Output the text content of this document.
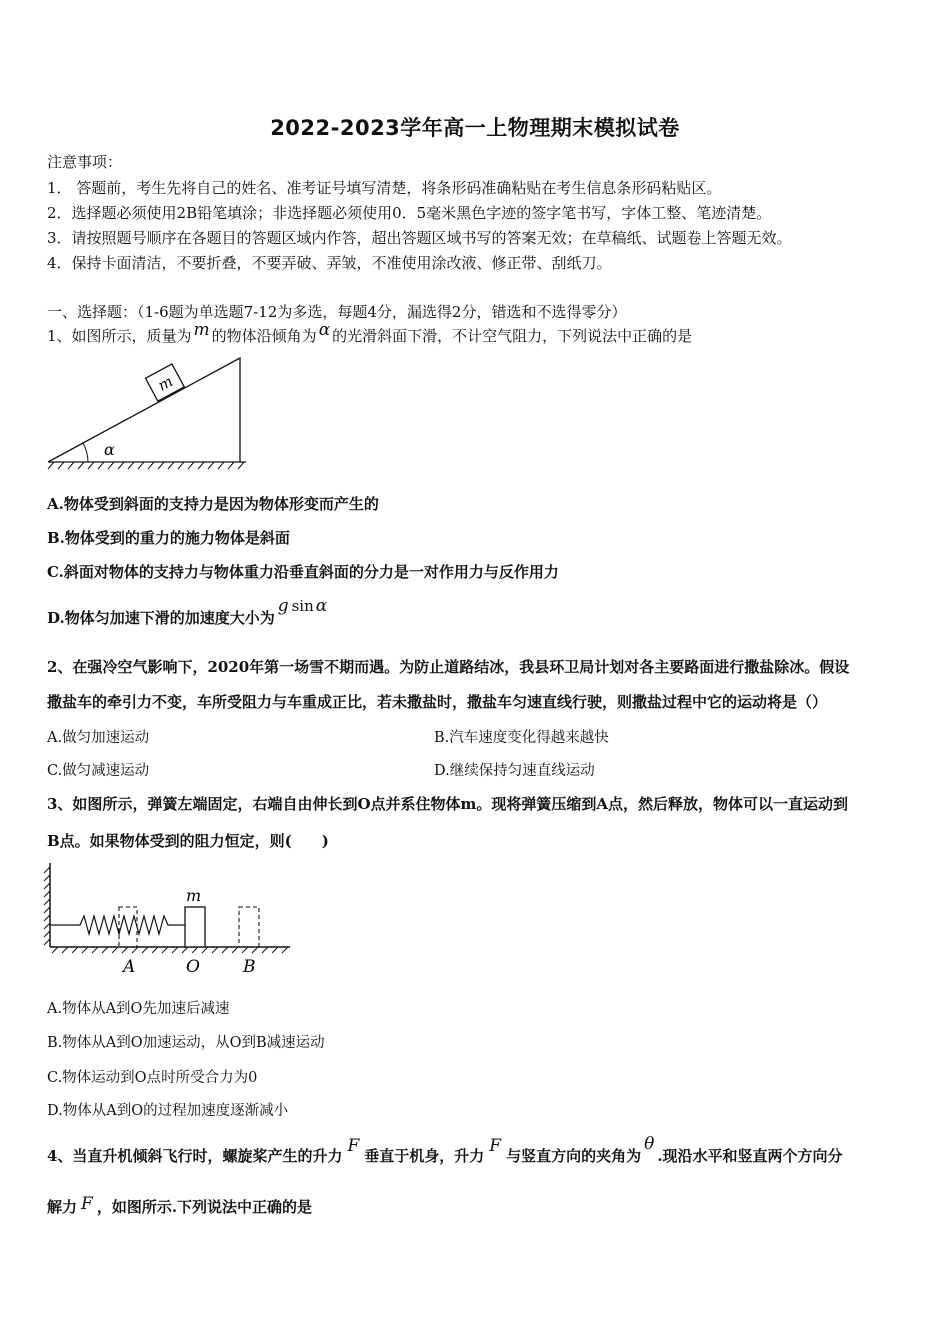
2022-2023学年高一上物理期末模拟试卷
注意事项：
1． 答题前，考生先将自己的姓名、准考证号填写清楚，将条形码准确粘贴在考生信息条形码粘贴区。
2．选择题必须使用2B铅笔填涂；非选择题必须使用0．5毫米黑色字迹的签字笔书写，字体工整、笔迹清楚。
3．请按照题号顺序在各题目的答题区域内作答，超出答题区域书写的答案无效；在草稿纸、试题卷上答题无效。
4．保持卡面清洁，不要折叠，不要弄破、弄皱，不准使用涂改液、修正带、刮纸刀。
一、选择题：（1-6题为单选题7-12为多选，每题4分，漏选得2分，错选和不选得零分）
1、如图所示，质量为 m 的物体沿倾角为 α 的光滑斜面下滑，不计空气阻力，下列说法中正确的是
α
m
A.物体受到斜面的支持力是因为物体形变而产生的
B.物体受到的重力的施力物体是斜面
C.斜面对物体的支持力与物体重力沿垂直斜面的分力是一对作用力与反作用力
D.物体匀加速下滑的加速度大小为g sin α
2、在强冷空气影响下，2020年第一场雪不期而遇。为防止道路结冰，我县环卫局计划对各主要路面进行撒盐除冰。假设
撒盐车的牵引力不变，车所受阻力与车重成正比，若未撒盐时，撒盐车匀速直线行驶，则撒盐过程中它的运动将是（）
A.做匀加速运动	B.汽车速度变化得越来越快
C.做匀减速运动	D.继续保持匀速直线运动
3、如图所示，弹簧左端固定，右端自由伸长到O点并系住物体m。现将弹簧压缩到A点，然后释放，物体可以一直运动到
B点。如果物体受到的阻力恒定，则(　　)
m
A	O	B
A.物体从A到O先加速后减速
B.物体从A到O加速运动，从O到B减速运动
C.物体运动到O点时所受合力为0
D.物体从A到O的过程加速度逐渐减小
4、当直升机倾斜飞行时，螺旋桨产生的升力 F 垂直于机身，升力 F 与竖直方向的夹角为θ.现沿水平和竖直两个方向分
解力 F ，如图所示.下列说法中正确的是
